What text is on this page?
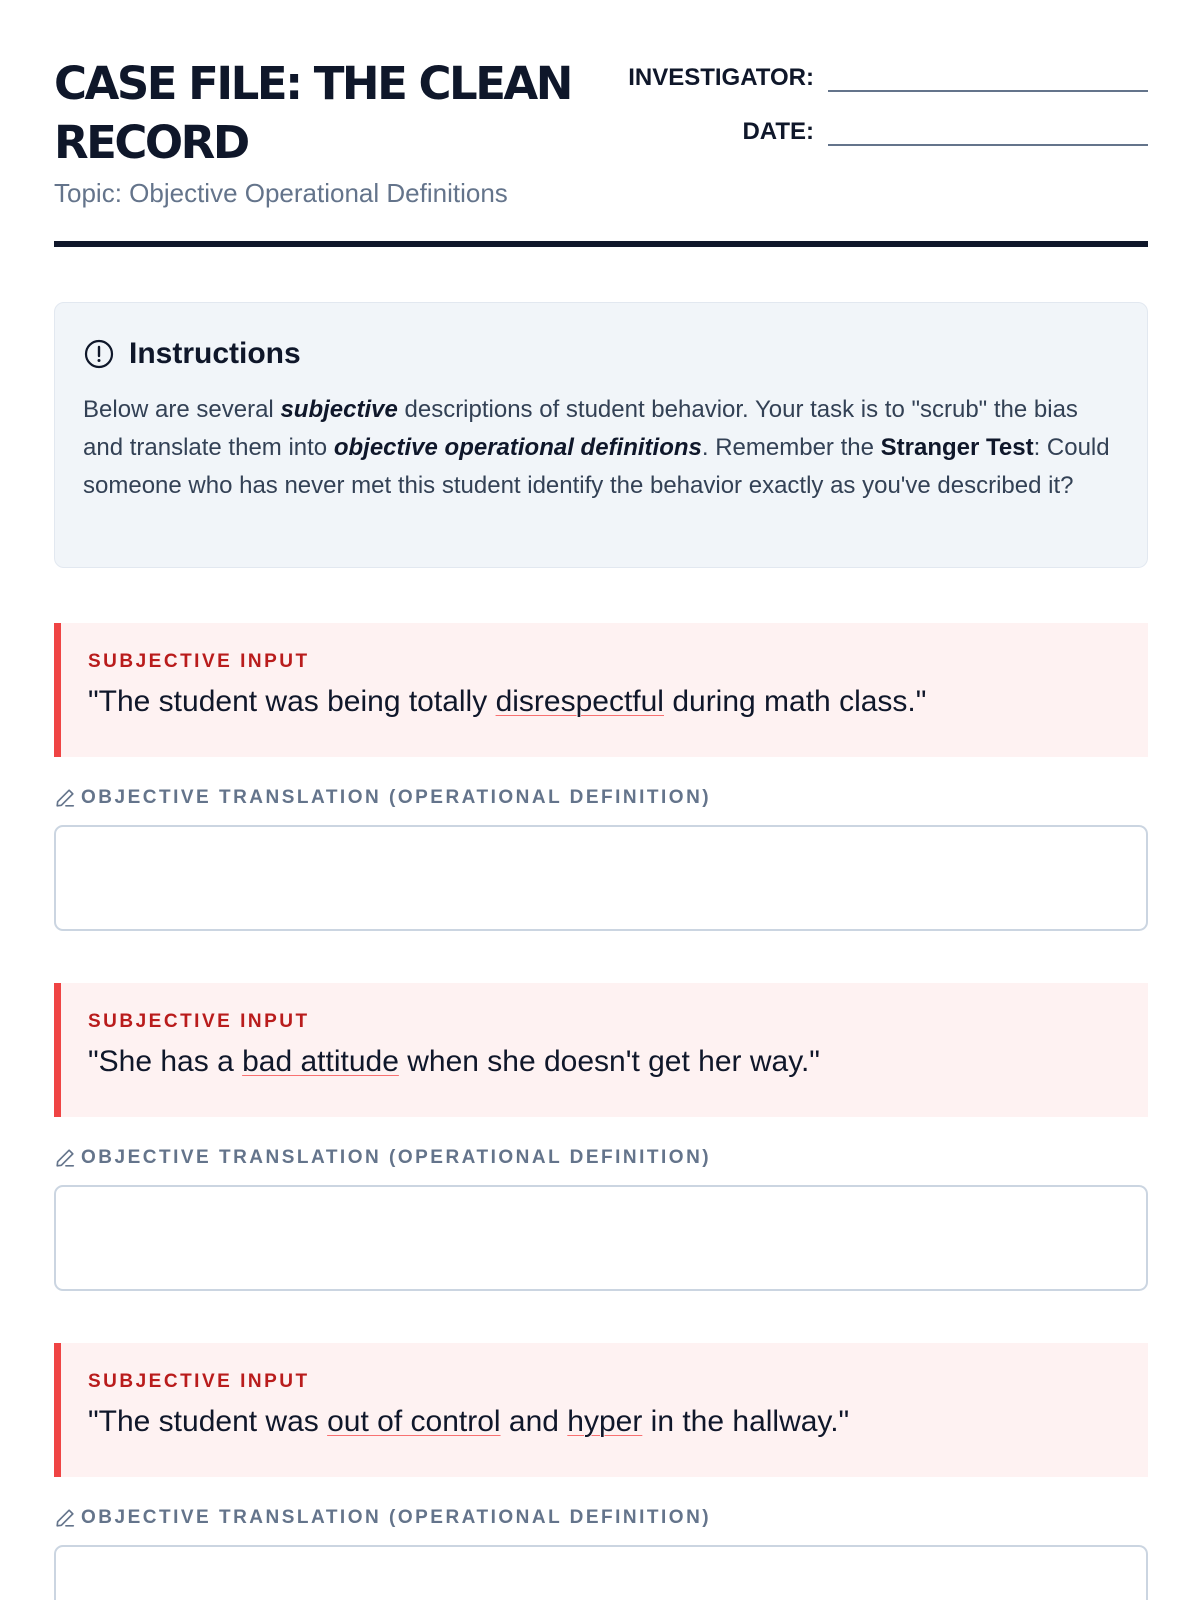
CASE FILE: THE CLEAN RECORD
Topic: Objective Operational Definitions
INVESTIGATOR:
DATE:
Instructions

Below are several subjective descriptions of student behavior. Your task is to "scrub" the bias and translate them into objective operational definitions. Remember the Stranger Test: Could someone who has never met this student identify the behavior exactly as you've described it?

SUBJECTIVE INPUT
"The student was being totally disrespectful during math class."
OBJECTIVE TRANSLATION (OPERATIONAL DEFINITION)
SUBJECTIVE INPUT
"She has a bad attitude when she doesn't get her way."
OBJECTIVE TRANSLATION (OPERATIONAL DEFINITION)
SUBJECTIVE INPUT
"The student was out of control and hyper in the hallway."
OBJECTIVE TRANSLATION (OPERATIONAL DEFINITION)
